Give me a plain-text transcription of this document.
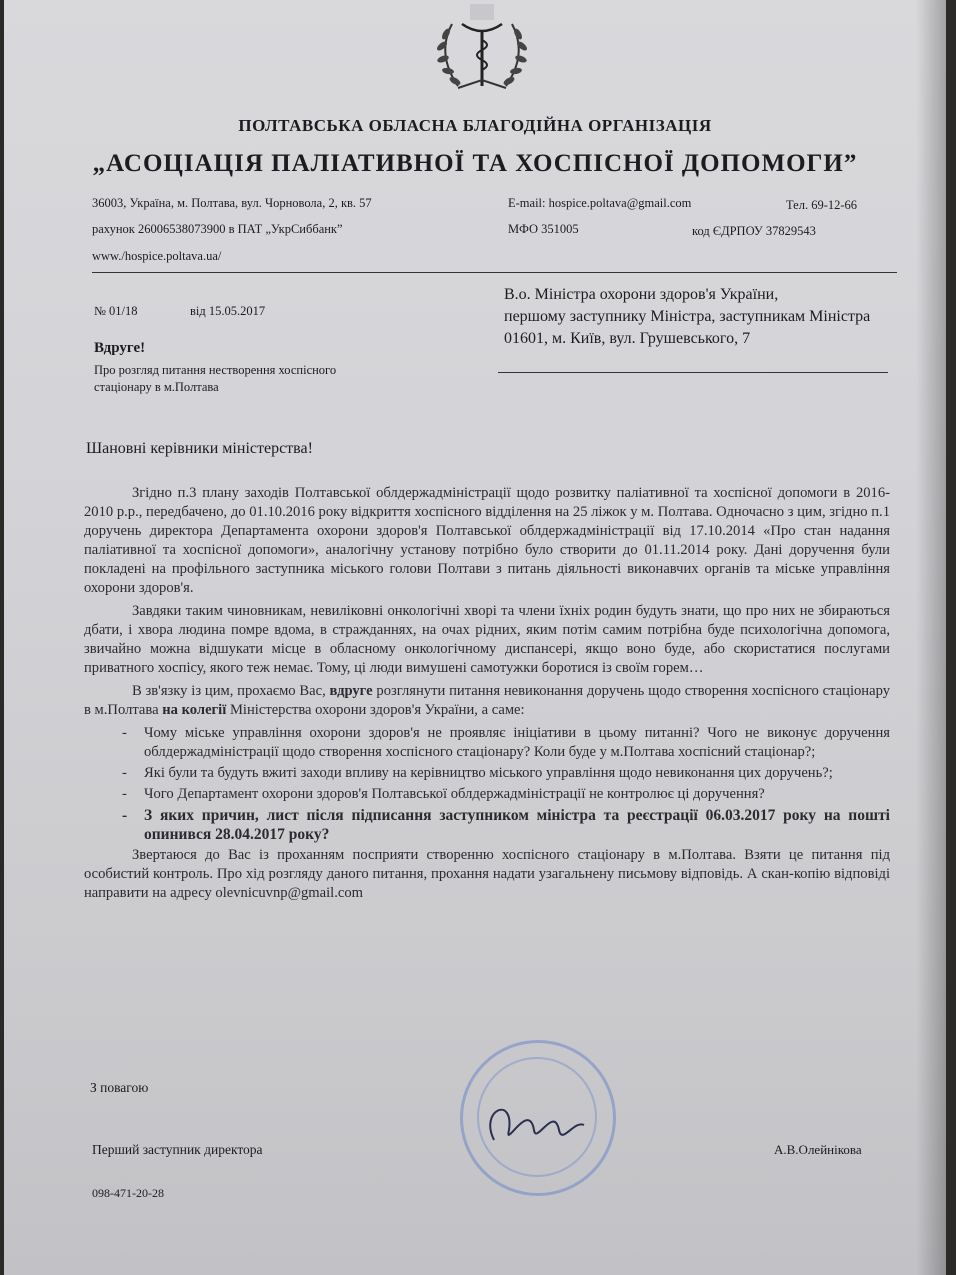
ПОЛТАВСЬКА ОБЛАСНА БЛАГОДІЙНА ОРГАНІЗАЦІЯ
„АСОЦІАЦІЯ ПАЛІАТИВНОЇ ТА ХОСПІСНОЇ ДОПОМОГИ”
36003, Україна, м. Полтава, вул. Чорновола, 2, кв. 57	E-mail: hospice.poltava@gmail.com	Тел. 69-12-66
рахунок 26006538073900 в ПАТ „УкрСиббанк”	МФО 351005	код ЄДРПОУ 37829543
www./hospice.poltava.ua/
№ 01/18	від 15.05.2017
В.о. Міністра охорони здоров'я України,
першому заступнику Міністра, заступникам Міністра
01601, м. Київ, вул. Грушевського, 7
Вдруге!
Про розгляд питання нестворення хоспісного стаціонару в м.Полтава
Шановні керівники міністерства!

Згідно п.3 плану заходів Полтавської облдержадміністрації щодо розвитку паліативної та хоспісної допомоги в 2016-2010 р.р., передбачено, до 01.10.2016 року відкриття хоспісного відділення на 25 ліжок у м. Полтава. Одночасно з цим, згідно п.1 доручень директора Департамента охорони здоров'я Полтавської облдержадміністрації від 17.10.2014 «Про стан надання паліативної та хоспісної допомоги», аналогічну установу потрібно було створити до 01.11.2014 року. Дані доручення були покладені на профільного заступника міського голови Полтави з питань діяльності виконавчих органів та міське управління охорони здоров'я.

Завдяки таким чиновникам, невиліковні онкологічні хворі та члени їхніх родин будуть знати, що про них не збираються дбати, і хвора людина помре вдома, в стражданнях, на очах рідних, яким потім самим потрібна буде психологічна допомога, звичайно можна відшукати місце в обласному онкологічному диспансері, якщо воно буде, або скористатися послугами приватного хоспісу, якого теж немає. Тому, ці люди вимушені самотужки боротися із своїм горем…

В зв'язку із цим, прохаємо Вас, вдруге розглянути питання невиконання доручень щодо створення хоспісного стаціонару в м.Полтава на колегії Міністерства охорони здоров'я України, а саме:

- Чому міське управління охорони здоров'я не проявляє ініціативи в цьому питанні? Чого не виконує доручення облдержадміністрації щодо створення хоспісного стаціонару? Коли буде у м.Полтава хоспісний стаціонар?;
- Які були та будуть вжиті заходи впливу на керівництво міського управління щодо невиконання цих доручень?;
- Чого Департамент охорони здоров'я Полтавської облдержадміністрації не контролює ці доручення?
- З яких причин, лист після підписання заступником міністра та реєстрації 06.03.2017 року на пошті опинився 28.04.2017 року?

Звертаюся до Вас із проханням посприяти створенню хоспісного стаціонару в м.Полтава. Взяти це питання під особистий контроль. Про хід розгляду даного питання, прохання надати узагальнену письмову відповідь. А скан-копію відповіді направити на адресу olevnicuvnp@gmail.com

З повагою
Перший заступник директора	А.В.Олейнікова
098-471-20-28
